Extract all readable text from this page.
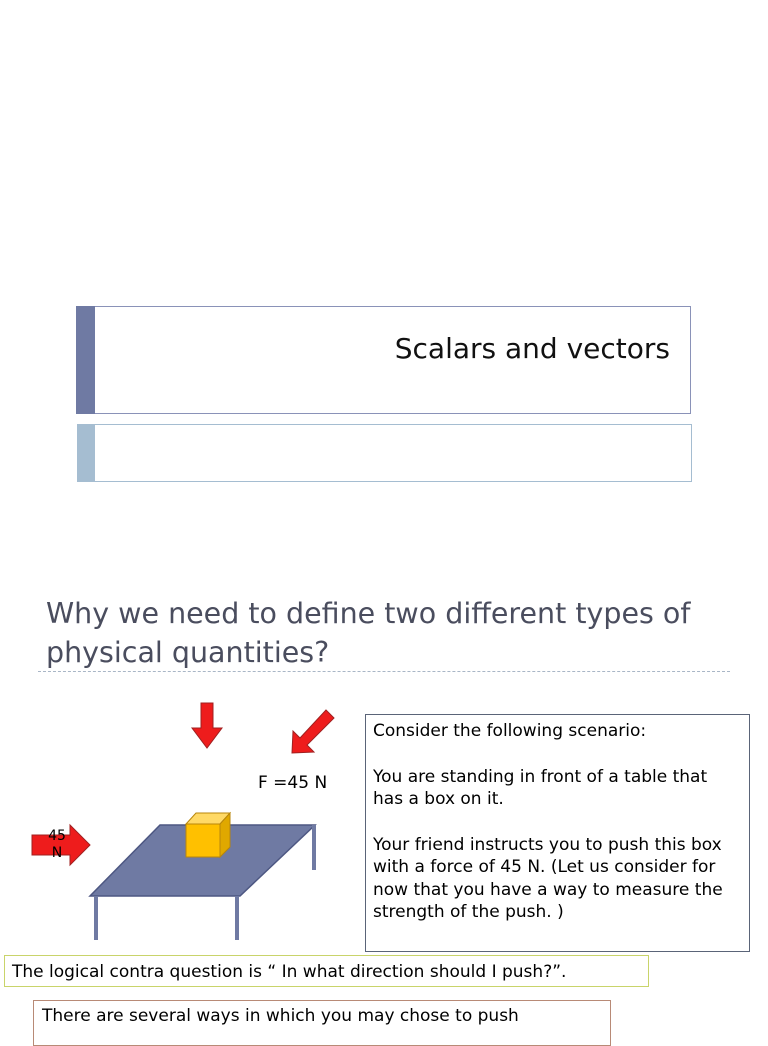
Scalars and vectors
Why we need to define two different types of physical quantities?
F =45 N
45
N

Consider the following scenario:

You are standing in front of a table that has a box on it.

Your friend instructs you to push this box with a force of 45 N. (Let us consider for now that you have a way to measure the strength of the push. )

The logical contra question is “ In what direction should I push?”.
There are several ways in which you may chose to push
